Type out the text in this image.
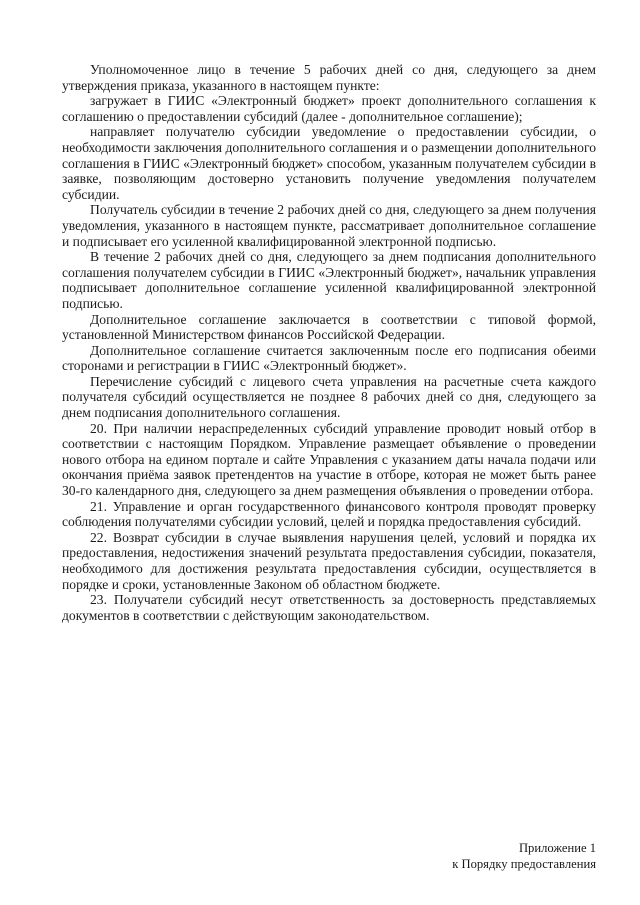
Уполномоченное лицо в течение 5 рабочих дней со дня, следующего за днем утверждения приказа, указанного в настоящем пункте:

загружает в ГИИС «Электронный бюджет» проект дополнительного соглашения к соглашению о предоставлении субсидий (далее - дополнительное соглашение);

направляет получателю субсидии уведомление о предоставлении субсидии, о необходимости заключения дополнительного соглашения и о размещении дополнительного соглашения в ГИИС «Электронный бюджет» способом, указанным получателем субсидии в заявке, позволяющим достоверно установить получение уведомления получателем субсидии.

Получатель субсидии в течение 2 рабочих дней со дня, следующего за днем получения уведомления, указанного в настоящем пункте, рассматривает дополнительное соглашение и подписывает его усиленной квалифицированной электронной подписью.

В течение 2 рабочих дней со дня, следующего за днем подписания дополнительного соглашения получателем субсидии в ГИИС «Электронный бюджет», начальник управления подписывает дополнительное соглашение усиленной квалифицированной электронной подписью.

Дополнительное соглашение заключается в соответствии с типовой формой, установленной Министерством финансов Российской Федерации.

Дополнительное соглашение считается заключенным после его подписания обеими сторонами и регистрации в ГИИС «Электронный бюджет».

Перечисление субсидий с лицевого счета управления на расчетные счета каждого получателя субсидий осуществляется не позднее 8 рабочих дней со дня, следующего за днем подписания дополнительного соглашения.

20. При наличии нераспределенных субсидий управление проводит новый отбор в соответствии с настоящим Порядком. Управление размещает объявление о проведении нового отбора на едином портале и сайте Управления с указанием даты начала подачи или окончания приёма заявок претендентов на участие в отборе, которая не может быть ранее 30-го календарного дня, следующего за днем размещения объявления о проведении отбора.

21. Управление и орган государственного финансового контроля проводят проверку соблюдения получателями субсидии условий, целей и порядка предоставления субсидий.

22. Возврат субсидии в случае выявления нарушения целей, условий и порядка их предоставления, недостижения значений результата предоставления субсидии, показателя, необходимого для достижения результата предоставления субсидии, осуществляется в порядке и сроки, установленные Законом об областном бюджете.

23. Получатели субсидий несут ответственность за достоверность представляемых документов в соответствии с действующим законодательством.

Приложение 1
к Порядку предоставления
